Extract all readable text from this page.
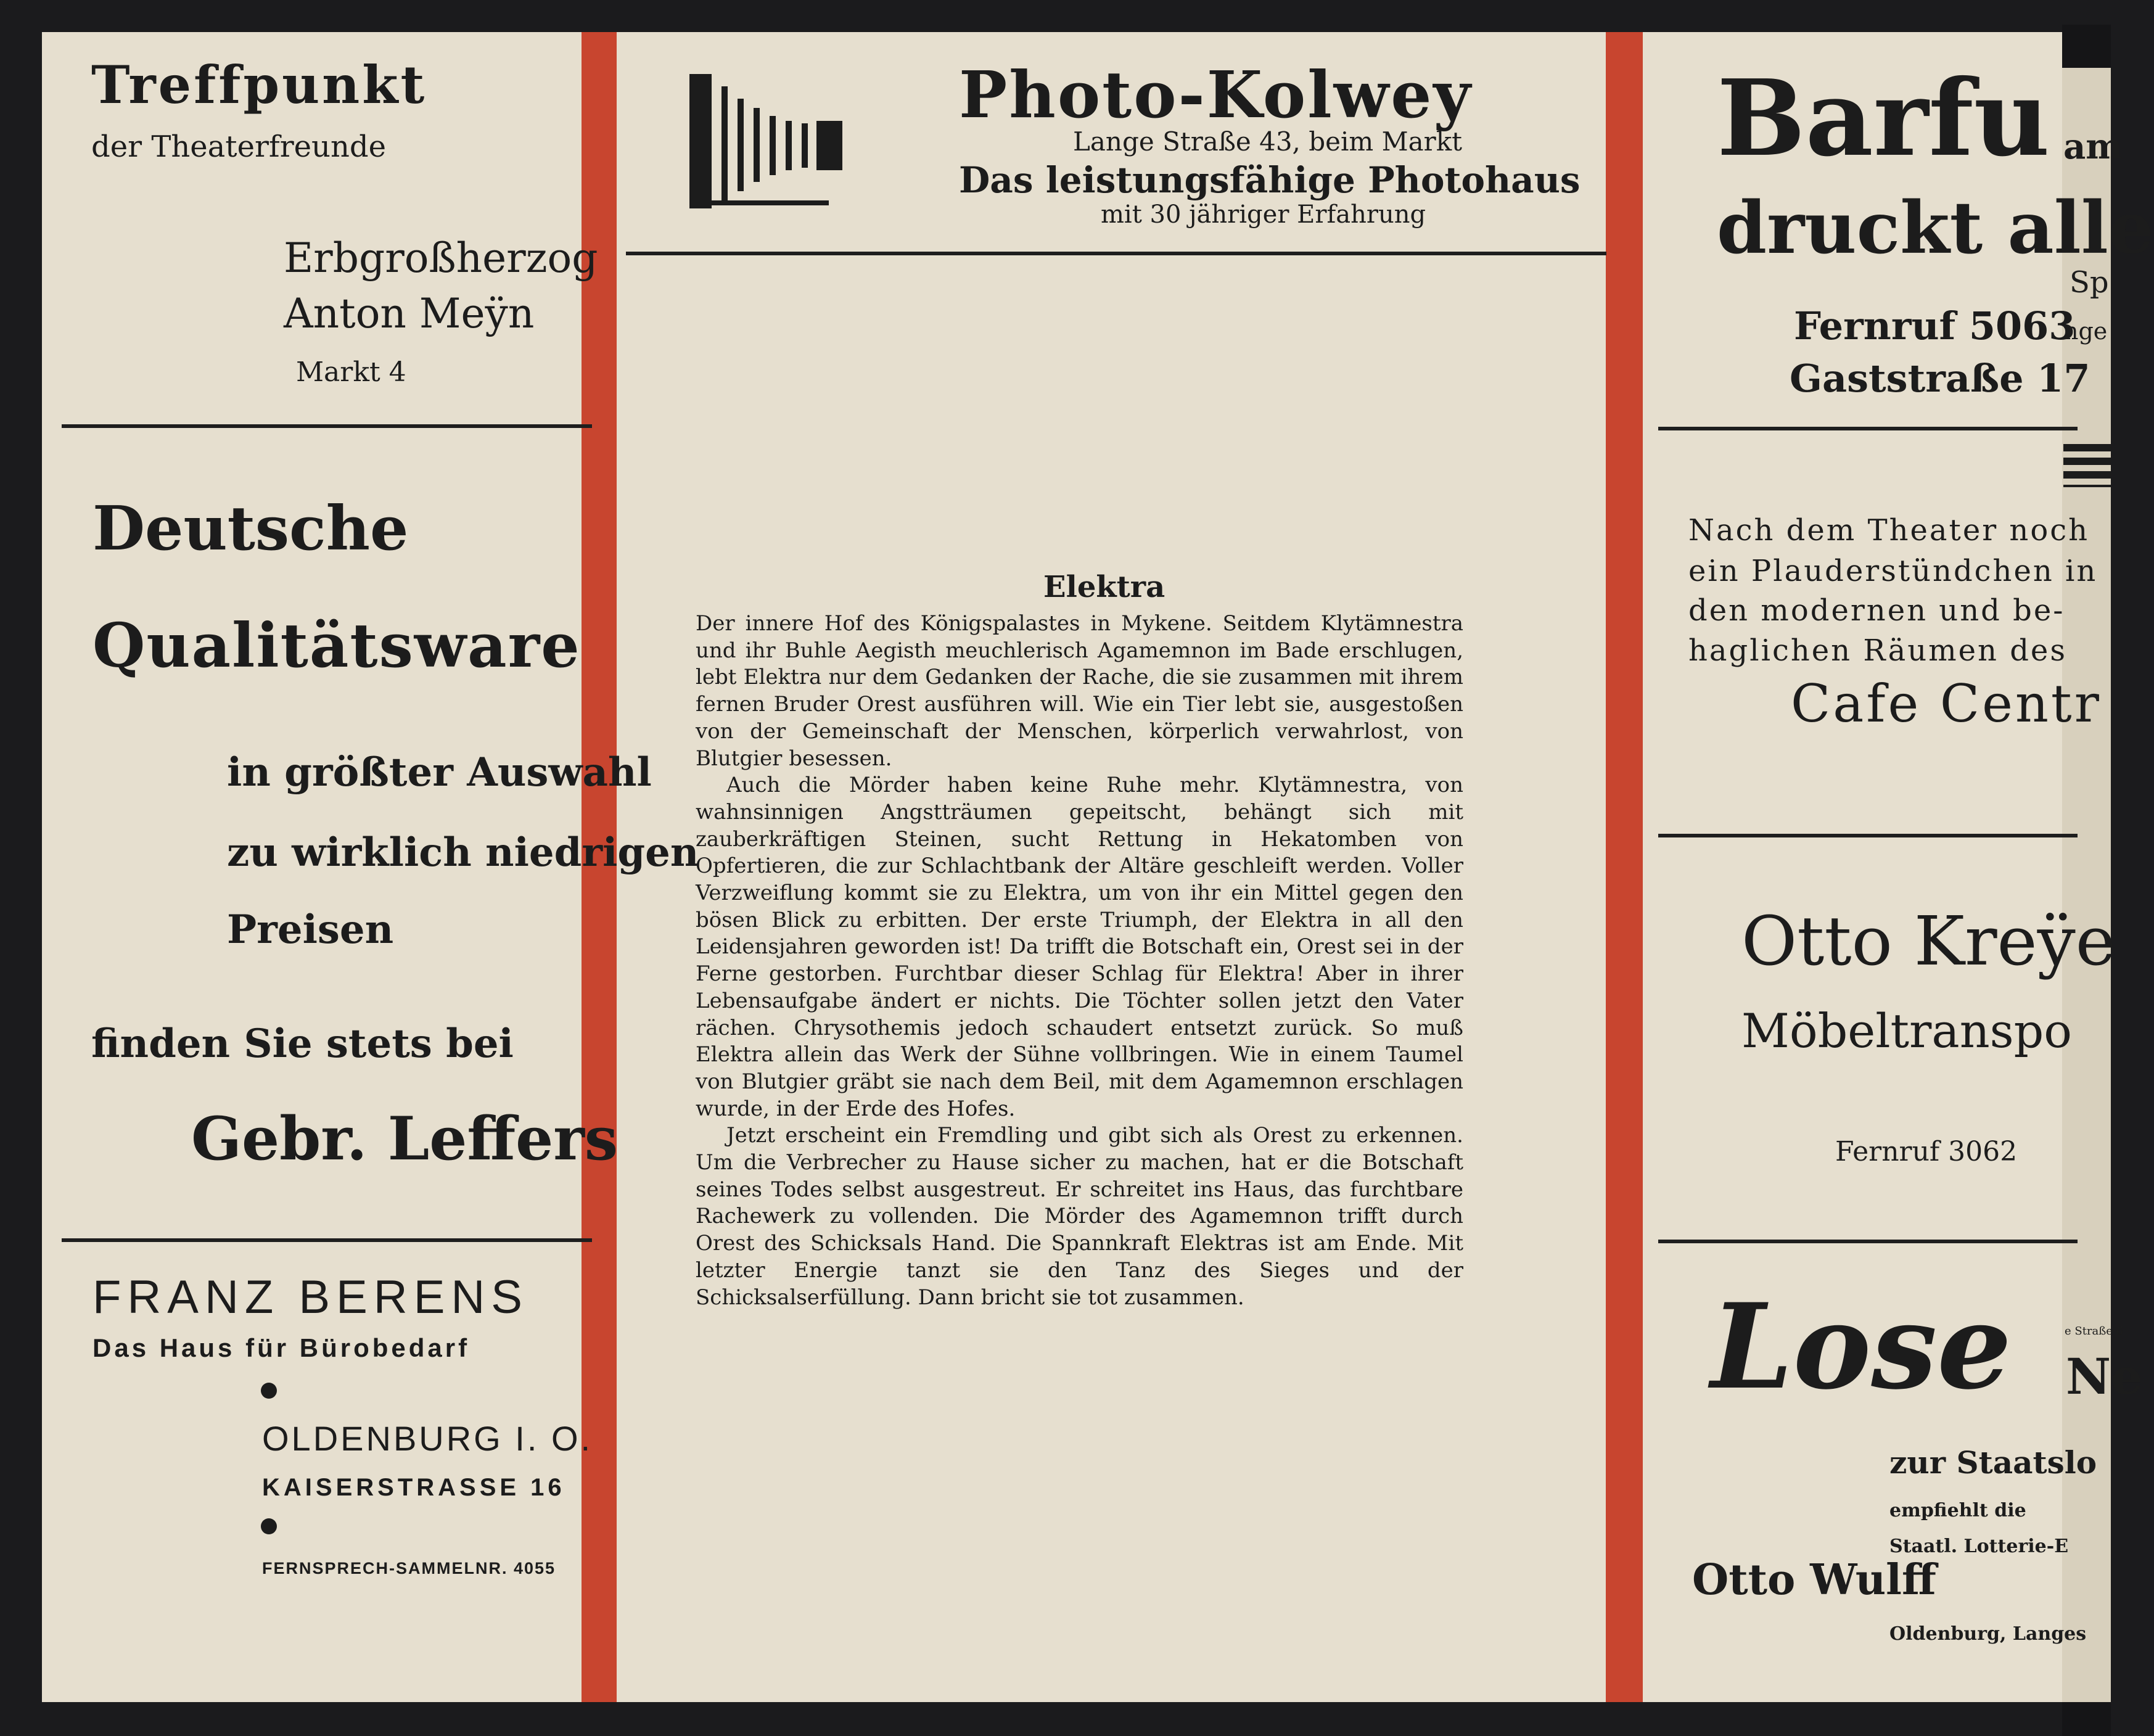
Treffpunkt
der Theaterfreunde
Erbgroßherzog
Anton Meÿn
Markt 4
Deutsche
Qualitätsware
in größter Auswahl
zu wirklich niedrigen
Preisen
finden Sie stets bei
Gebr. Leffers
FRANZ BERENS
Das Haus für Bürobedarf
OLDENBURG I. O.
KAISERSTRASSE 16
FERNSPRECH-SAMMELNR. 4055
Photo-Kolwey
Lange Straße 43, beim Markt
Das leistungsfähige Photohaus
mit 30 jähriger Erfahrung
Elektra

Der innere Hof des Königspalastes in Mykene. Seitdem Klytämnestra und ihr Buhle Aegisth meuchlerisch Agamemnon im Bade erschlugen, lebt Elektra nur dem Gedanken der Rache, die sie zusammen mit ihrem fernen Bruder Orest ausführen will. Wie ein Tier lebt sie, ausgestoßen von der Gemeinschaft der Menschen, körperlich verwahrlost, von Blutgier besessen.

Auch die Mörder haben keine Ruhe mehr. Klytämnestra, von wahnsinnigen Angstträumen gepeitscht, behängt sich mit zauberkräftigen Steinen, sucht Rettung in Hekatomben von Opfertieren, die zur Schlachtbank der Altäre geschleift werden. Voller Verzweiflung kommt sie zu Elektra, um von ihr ein Mittel gegen den bösen Blick zu erbitten. Der erste Triumph, der Elektra in all den Leidensjahren geworden ist! Da trifft die Botschaft ein, Orest sei in der Ferne gestorben. Furchtbar dieser Schlag für Elektra! Aber in ihrer Lebensaufgabe ändert er nichts. Die Töchter sollen jetzt den Vater rächen. Chrysothemis jedoch schaudert entsetzt zurück. So muß Elektra allein das Werk der Sühne vollbringen. Wie in einem Taumel von Blutgier gräbt sie nach dem Beil, mit dem Agamemnon erschlagen wurde, in der Erde des Hofes.

Jetzt erscheint ein Fremdling und gibt sich als Orest zu erkennen. Um die Verbrecher zu Hause sicher zu machen, hat er die Botschaft seines Todes selbst ausgestreut. Er schreitet ins Haus, das furchtbare Rachewerk zu vollenden. Die Mörder des Agamemnon trifft durch Orest des Schicksals Hand. Die Spannkraft Elektras ist am Ende. Mit letzter Energie tanzt sie den Tanz des Sieges und der Schicksalserfüllung. Dann bricht sie tot zusammen.

Barfu
druckt alle
Fernruf 5063
Gaststraße 17
Nach dem Theater noch
ein Plauderstündchen in
den modernen und be-
haglichen Räumen des
Cafe Centr
Otto Kreÿe
Möbeltranspo
Fernruf 3062
Lose
zur Staatslo
empfiehlt die
Staatl. Lotterie-E
Otto Wulff
Oldenburg, Langes
am
Sp
nge
e Straße 6
Ne
